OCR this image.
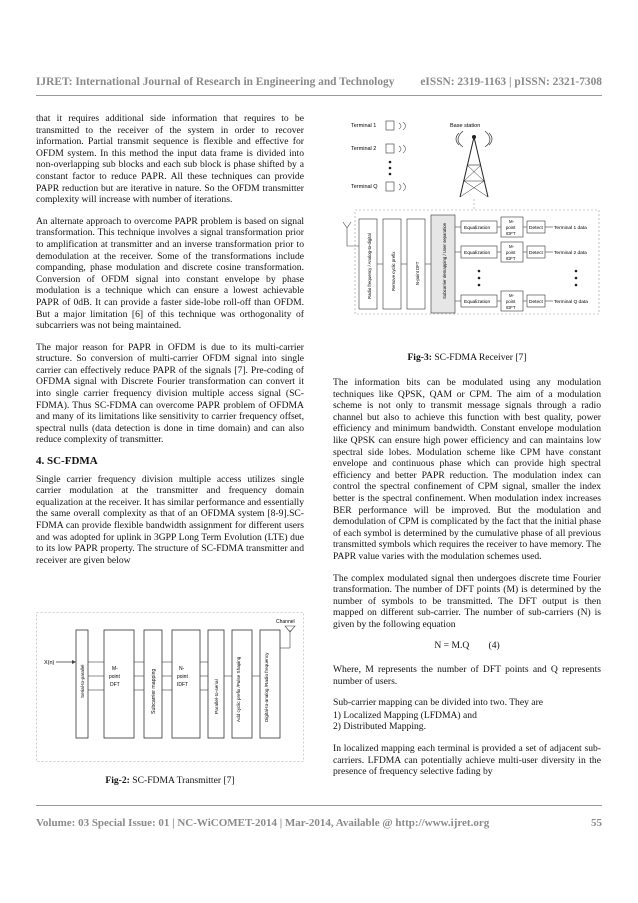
IJRET: International Journal of Research in Engineering and Technology eISSN: 2319-1163 | pISSN: 2321-7308

that it requires additional side information that requires to be transmitted to the receiver of the system in order to recover information. Partial transmit sequence is flexible and effective for OFDM system. In this method the input data frame is divided into non-overlapping sub blocks and each sub block is phase shifted by a constant factor to reduce PAPR. All these techniques can provide PAPR reduction but are iterative in nature. So the OFDM transmitter complexity will increase with number of iterations.

An alternate approach to overcome PAPR problem is based on signal transformation. This technique involves a signal transformation prior to amplification at transmitter and an inverse transformation prior to demodulation at the receiver. Some of the transformations include companding, phase modulation and discrete cosine transformation. Conversion of OFDM signal into constant envelope by phase modulation is a technique which can ensure a lowest achievable PAPR of 0dB. It can provide a faster side-lobe roll-off than OFDM. But a major limitation [6] of this technique was orthogonality of subcarriers was not being maintained.

The major reason for PAPR in OFDM is due to its multi-carrier structure. So conversion of multi-carrier OFDM signal into single carrier can effectively reduce PAPR of the signals [7]. Pre-coding of OFDMA signal with Discrete Fourier transformation can convert it into single carrier frequency division multiple access signal (SC-FDMA). Thus SC-FDMA can overcome PAPR problem of OFDMA and many of its limitations like sensitivity to carrier frequency offset, spectral nulls (data detection is done in time domain) and can also reduce complexity of transmitter.

4. SC-FDMA

Single carrier frequency division multiple access utilizes single carrier modulation at the transmitter and frequency domain equalization at the receiver. It has similar performance and essentially the same overall complexity as that of an OFDMA system [8-9].SC-FDMA can provide flexible bandwidth assignment for different users and was adopted for uplink in 3GPP Long Term Evolution (LTE) due to its low PAPR property. The structure of SC-FDMA transmitter and receiver are given below

X(n)
Serial-to-parallel	M-
point
DFT	Subcarrier mapping	N-
point
IDFT	Parallel-to-serial	Add cyclic prefix /Pulse Shaping	Digital-to-analog /Radio frequency
Channel
Fig-2: SC-FDMA Transmitter [7]
Terminal 1
Terminal 2
Terminal Q
Base station
Radio frequency / Analog-to-digital	Remove cyclic prefix	N-point DFT	Subcarrier demapping / User separation	Equalization
M-
point
IDFT
Detect Terminal 1 data
Equalization
M-
point
IDFT
Detect Terminal 2 data
Equalization
M-
point
IDFT
Detect Terminal Q data
Fig-3: SC-FDMA Receiver [7]

The information bits can be modulated using any modulation techniques like QPSK, QAM or CPM. The aim of a modulation scheme is not only to transmit message signals through a radio channel but also to achieve this function with best quality, power efficiency and minimum bandwidth. Constant envelope modulation like QPSK can ensure high power efficiency and can maintains low spectral side lobes. Modulation scheme like CPM have constant envelope and continuous phase which can provide high spectral efficiency and better PAPR reduction. The modulation index can control the spectral confinement of CPM signal, smaller the index better is the spectral confinement. When modulation index increases BER performance will be improved. But the modulation and demodulation of CPM is complicated by the fact that the initial phase of each symbol is determined by the cumulative phase of all previous transmitted symbols which requires the receiver to have memory. The PAPR value varies with the modulation schemes used.

The complex modulated signal then undergoes discrete time Fourier transformation. The number of DFT points (M) is determined by the number of symbols to be transmitted. The DFT output is then mapped on different sub-carrier. The number of sub-carriers (N) is given by the following equation

N = M.Q        (4)

Where, M represents the number of DFT points and Q represents number of users.

Sub-carrier mapping can be divided into two. They are

1) Localized Mapping (LFDMA) and
2) Distributed Mapping.

In localized mapping each terminal is provided a set of adjacent sub-carriers. LFDMA can potentially achieve multi-user diversity in the presence of frequency selective fading by

Volume: 03 Special Issue: 01 | NC-WiCOMET-2014 | Mar-2014, Available @ http://www.ijret.org	55
